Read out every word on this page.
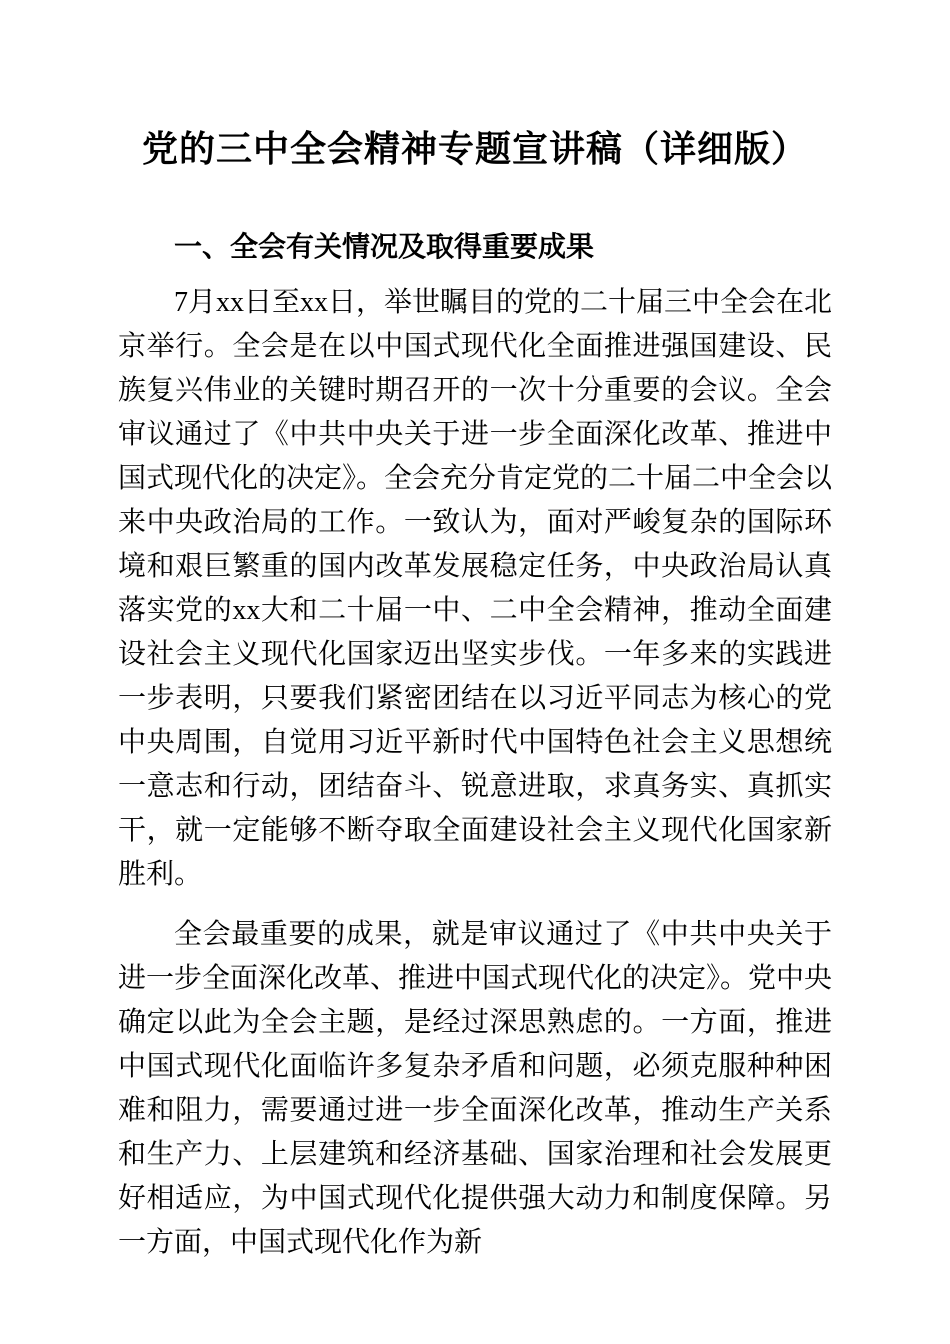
党的三中全会精神专题宣讲稿（详细版）
一、全会有关情况及取得重要成果

7月xx日至xx日，举世瞩目的党的二十届三中全会在北京举行。全会是在以中国式现代化全面推进强国建设、民族复兴伟业的关键时期召开的一次十分重要的会议。全会审议通过了《中共中央关于进一步全面深化改革、推进中国式现代化的决定》。全会充分肯定党的二十届二中全会以来中央政治局的工作。一致认为，面对严峻复杂的国际环境和艰巨繁重的国内改革发展稳定任务，中央政治局认真落实党的xx大和二十届一中、二中全会精神，推动全面建设社会主义现代化国家迈出坚实步伐。一年多来的实践进一步表明，只要我们紧密团结在以习近平同志为核心的党中央周围，自觉用习近平新时代中国特色社会主义思想统一意志和行动，团结奋斗、锐意进取，求真务实、真抓实干，就一定能够不断夺取全面建设社会主义现代化国家新胜利。

全会最重要的成果，就是审议通过了《中共中央关于进一步全面深化改革、推进中国式现代化的决定》。党中央确定以此为全会主题，是经过深思熟虑的。一方面，推进中国式现代化面临许多复杂矛盾和问题，必须克服种种困难和阻力，需要通过进一步全面深化改革，推动生产关系和生产力、上层建筑和经济基础、国家治理和社会发展更好相适应，为中国式现代化提供强大动力和制度保障。另一方面，中国式现代化作为新
